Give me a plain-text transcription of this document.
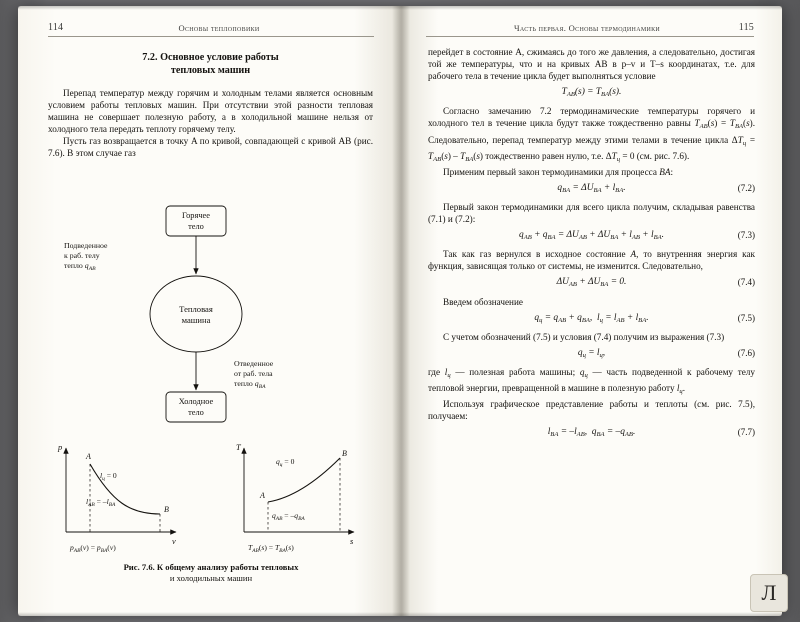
114	Основы теплоповики
7.2. Основное условие работы
тепловых машин

Перепад температур между горячим и холодным телами является основным условием работы тепловых машин. При отсутствии этой разности тепловая машина не совершает полезную работу, а в холодильной машине нельзя от холодного тела передать теплоту горячему телу.

Пусть газ возвращается в точку A по кривой, совпадающей с кривой AB (рис. 7.6). В этом случае газ

Горячее
тело
Тепловая
машина
Холодное
тело
Подведенное
к раб. телу
тепло $q_{AB}$
Отведенное
от раб. тела
тепло $q_{BA}$
p
v
A
B
$l_ц = 0$
$l_{AB} = -l_{BA}$
$p_{AB}(v) = p_{BA}(v)$
T
s
A
B
$q_ц = 0$
$q_{AB} = -q_{BA}$
$T_{AB}(s) = T_{BA}(s)$
Рис. 7.6. К общему анализу работы тепловых
и холодильных машин
Часть первая. Основы термодинамики	115

перейдет в состояние A, сжимаясь до того же давления, а следовательно, достигая той же температуры, что и на кривых AB в p–v и T–s координатах, т.е. для рабочего тела в течение цикла будет выполняться условие

$T_{AB}(s) = T_{BA}(s)$.

Согласно замечанию 7.2 термодинамические температуры горячего и холодного тел в течение цикла будут также тождественно равны $T_{AB}(s) = T_{BA}(s)$. Следовательно, перепад температур между этими телами в течение цикла $\Delta T_ц = T_{AB}(s) - T_{BA}(s)$ тождественно равен нулю, т.е. $\Delta T_ц = 0$ (см. рис. 7.6).

Применим первый закон термодинамики для процесса BA:

$q_{BA} = \Delta U_{BA} + l_{BA}$.	(7.2)

Первый закон термодинамики для всего цикла получим, складывая равенства (7.1) и (7.2):

$q_{AB} + q_{BA} = \Delta U_{AB} + \Delta U_{BA} + l_{AB} + l_{BA}$.	(7.3)

Так как газ вернулся в исходное состояние A, то внутренняя энергия как функция, зависящая только от системы, не изменится. Следовательно,

$\Delta U_{AB} + \Delta U_{BA} = 0$.	(7.4)

Введем обозначение

$q_ц = q_{AB} + q_{BA}$,  $l_ц = l_{AB} + l_{BA}$.	(7.5)

С учетом обозначений (7.5) и условия (7.4) получим из выражения (7.3)

$q_ц = l_ц$,	(7.6)

где $l_ц$ — полезная работа машины; $q_ц$ — часть подведенной к рабочему телу тепловой энергии, превращенной в машине в полезную работу $l_ц$.

Используя графическое представление работы и теплоты (см. рис. 7.5), получаем:

$l_{BA} = -l_{AB}$,  $q_{BA} = -q_{AB}$.	(7.7)
Л
